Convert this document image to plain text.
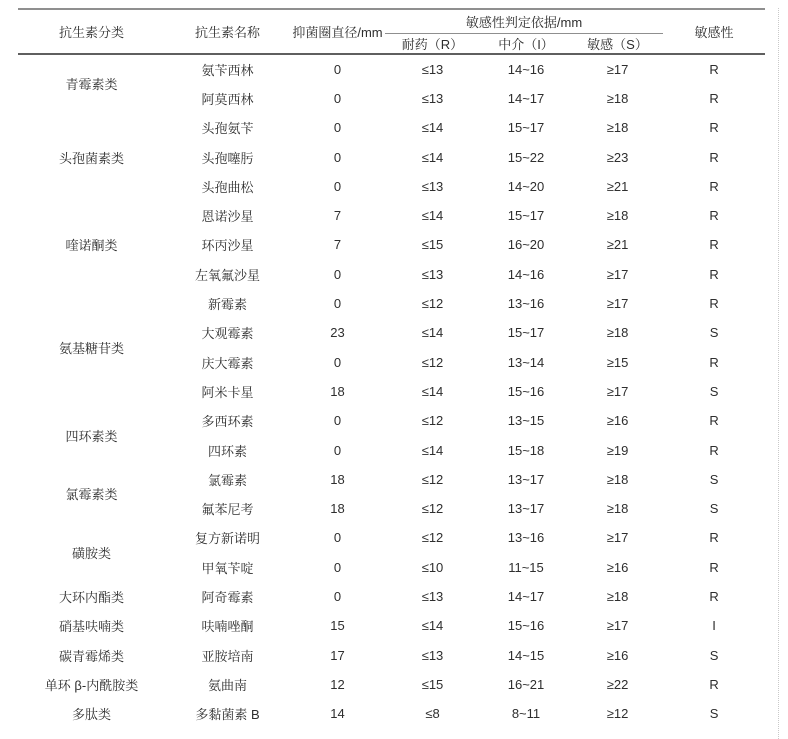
抗生素分类	抗生素名称	抑菌圈直径/mm	敏感性判定依据/mm			敏感性
			耐药（R）	中介（I）	敏感（S）	
青霉素类	氨苄西林	0	≤13	14~16	≥17	R
	阿莫西林	0	≤13	14~17	≥18	R
头孢菌素类	头孢氨苄	0	≤14	15~17	≥18	R
	头孢噻肟	0	≤14	15~22	≥23	R
	头孢曲松	0	≤13	14~20	≥21	R
喹诺酮类	恩诺沙星	7	≤14	15~17	≥18	R
	环丙沙星	7	≤15	16~20	≥21	R
	左氧氟沙星	0	≤13	14~16	≥17	R
氨基糖苷类	新霉素	0	≤12	13~16	≥17	R
	大观霉素	23	≤14	15~17	≥18	S
	庆大霉素	0	≤12	13~14	≥15	R
	阿米卡星	18	≤14	15~16	≥17	S
四环素类	多西环素	0	≤12	13~15	≥16	R
	四环素	0	≤14	15~18	≥19	R
氯霉素类	氯霉素	18	≤12	13~17	≥18	S
	氟苯尼考	18	≤12	13~17	≥18	S
磺胺类	复方新诺明	0	≤12	13~16	≥17	R
	甲氧苄啶	0	≤10	11~15	≥16	R
大环内酯类	阿奇霉素	0	≤13	14~17	≥18	R
硝基呋喃类	呋喃唑酮	15	≤14	15~16	≥17	I
碳青霉烯类	亚胺培南	17	≤13	14~15	≥16	S
单环 β-内酰胺类	氨曲南	12	≤15	16~21	≥22	R
多肽类	多黏菌素 B	14	≤8	8~11	≥12	S
